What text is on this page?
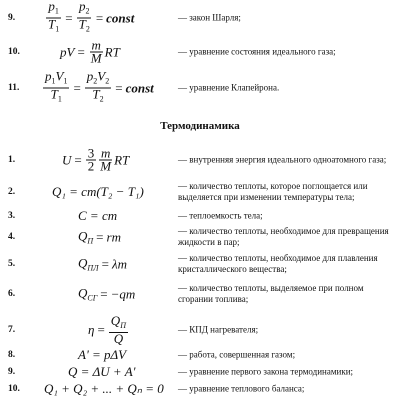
9. $\frac{p_1}{T_1} = \frac{p_2}{T_2}$ = const	— закон Шарля;
10.	pV = $\frac{m}{M}$ RT	— уравнение состояния идеального газа;
11. $\frac{p_1V_1}{T_1} = \frac{p_2V_2}{T_2}$ = const	— уравнение Клапейрона.
Термодинамика
1.	$U = \frac{3}{2} \frac{m}{M}$ RT	— внутренняя энергия идеального одноатомного газа;
2.	Q₁ = cm(T₂ − T₁)	— количество теплоты, которое поглощается или выделяется при изменении температуры тела;
3.	C = cm	— теплоемкость тела;
4.	$Q_П$ = rm	— количество теплоты, необходимое для превращения жидкости в пар;
5.	$Q_{ПЛ} = \lambda m$	— количество теплоты, необходимое для плавления кристаллического вещества;
6.	$Q_{СГ} = -qm$	— количество теплоты, выделяемое при полном сгорании топлива;
7.	$\eta = \frac{Q_П}{Q}$	— КПД нагревателя;
8.	A' = pΔV	— работа, совершенная газом;
9.	Q = ΔU + A'	— уравнение первого закона термодинамики;
10. Q₁ + Q₂ + ... + Qₙ = 0 — уравнение теплового баланса;
